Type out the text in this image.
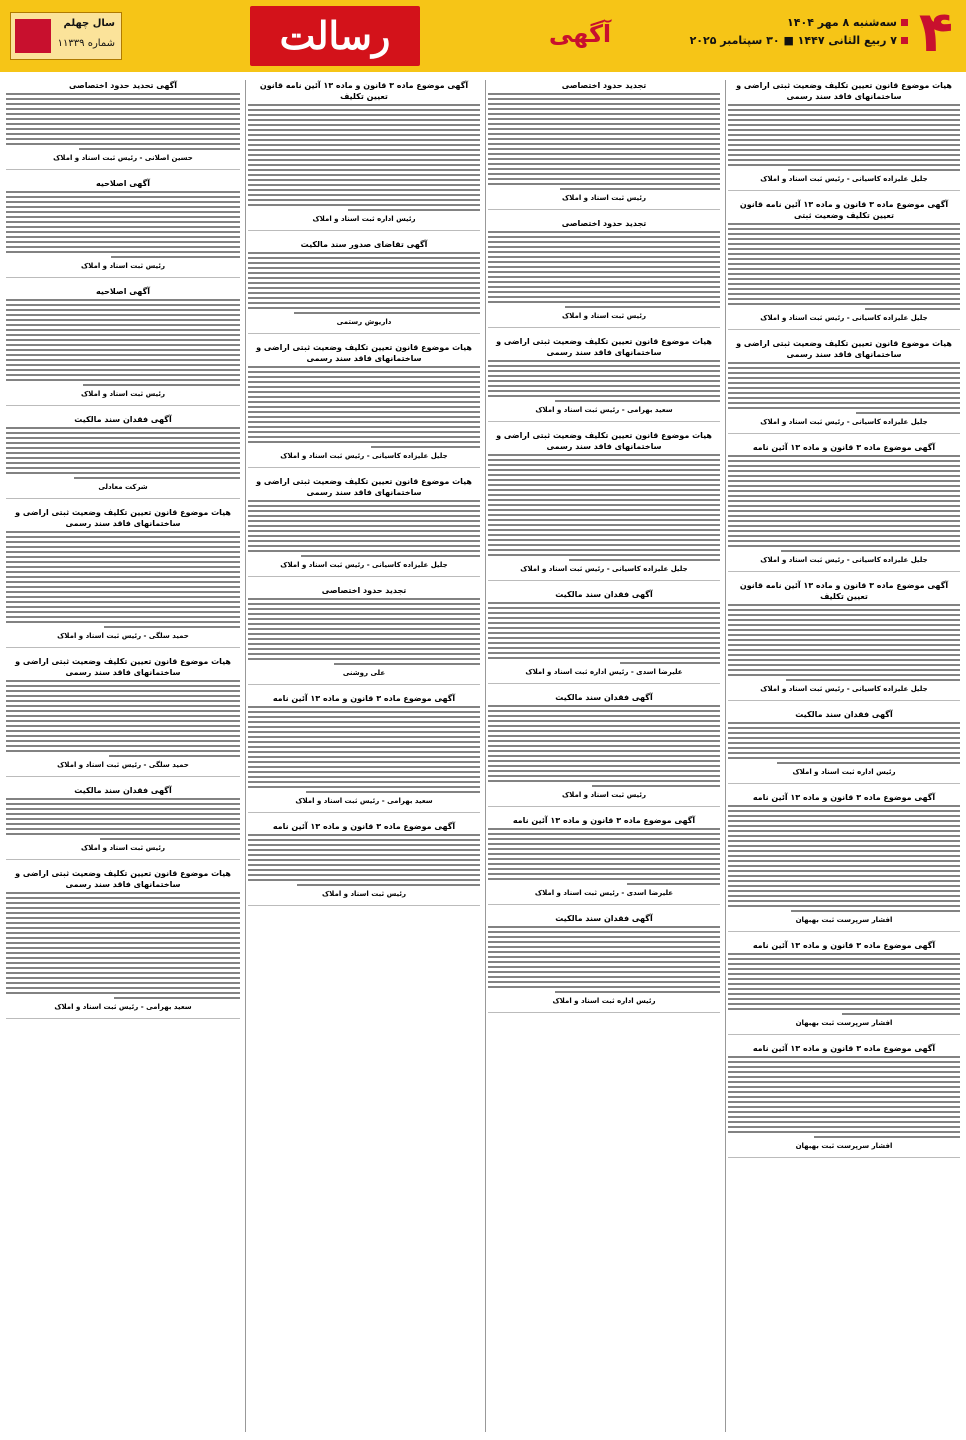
۴
سه‌شنبه ۸ مهر ۱۴۰۴
۷ ربیع الثانی ۱۴۴۷ ■ ۳۰ سپتامبر ۲۰۲۵
آگهی
رسالت
سال چهلم
شماره ۱۱۳۳۹
هیات موضوع قانون تعیین تکلیف وضعیت ثبتی اراضی و ساختمانهای فاقد سند رسمی
جلیل علیزاده کاسیانی - رئیس ثبت اسناد و املاک
آگهی موضوع ماده ۳ قانون و ماده ۱۳ آئین نامه قانون تعیین تکلیف وضعیت ثبتی
جلیل علیزاده کاسیانی - رئیس ثبت اسناد و املاک
هیات موضوع قانون تعیین تکلیف وضعیت ثبتی اراضی و ساختمانهای فاقد سند رسمی
جلیل علیزاده کاسیانی - رئیس ثبت اسناد و املاک
آگهی موضوع ماده ۳ قانون و ماده ۱۳ آئین نامه
جلیل علیزاده کاسیانی - رئیس ثبت اسناد و املاک
آگهی موضوع ماده ۳ قانون و ماده ۱۳ آئین نامه قانون تعیین تکلیف
جلیل علیزاده کاسیانی - رئیس ثبت اسناد و املاک
آگهی فقدان سند مالکیت
رئیس اداره ثبت اسناد و املاک
آگهی موضوع ماده ۳ قانون و ماده ۱۳ آئین نامه
افشار سرپرست ثبت بهبهان
آگهی موضوع ماده ۳ قانون و ماده ۱۳ آئین نامه
افشار سرپرست ثبت بهبهان
آگهی موضوع ماده ۳ قانون و ماده ۱۳ آئین نامه
افشار سرپرست ثبت بهبهان
تجدید حدود اختصاصی
رئیس ثبت اسناد و املاک
تجدید حدود اختصاصی
رئیس ثبت اسناد و املاک
هیات موضوع قانون تعیین تکلیف وضعیت ثبتی اراضی و ساختمانهای فاقد سند رسمی
سعید بهرامی - رئیس ثبت اسناد و املاک
هیات موضوع قانون تعیین تکلیف وضعیت ثبتی اراضی و ساختمانهای فاقد سند رسمی
جلیل علیزاده کاسیانی - رئیس ثبت اسناد و املاک
آگهی فقدان سند مالکیت
علیرضا اسدی - رئیس اداره ثبت اسناد و املاک
آگهی فقدان سند مالکیت
رئیس ثبت اسناد و املاک
آگهی موضوع ماده ۳ قانون و ماده ۱۳ آئین نامه
علیرضا اسدی - رئیس ثبت اسناد و املاک
آگهی فقدان سند مالکیت
رئیس اداره ثبت اسناد و املاک
آگهی موضوع ماده ۳ قانون و ماده ۱۳ آئین نامه قانون تعیین تکلیف
رئیس اداره ثبت اسناد و املاک
آگهی تقاضای صدور سند مالکیت
داریوش رستمی
هیات موضوع قانون تعیین تکلیف وضعیت ثبتی اراضی و ساختمانهای فاقد سند رسمی
جلیل علیزاده کاسیانی - رئیس ثبت اسناد و املاک
هیات موضوع قانون تعیین تکلیف وضعیت ثبتی اراضی و ساختمانهای فاقد سند رسمی
جلیل علیزاده کاسیانی - رئیس ثبت اسناد و املاک
تجدید حدود اختصاصی
علی روشنی
آگهی موضوع ماده ۳ قانون و ماده ۱۳ آئین نامه
سعید بهرامی - رئیس ثبت اسناد و املاک
آگهی موضوع ماده ۳ قانون و ماده ۱۳ آئین نامه
رئیس ثبت اسناد و املاک
آگهی تحدید حدود اختصاصی
حسین اصلانی - رئیس ثبت اسناد و املاک
آگهی اصلاحیه
رئیس ثبت اسناد و املاک
آگهی اصلاحیه
رئیس ثبت اسناد و املاک
آگهی فقدان سند مالکیت
شرکت معادلی
هیات موضوع قانون تعیین تکلیف وضعیت ثبتی اراضی و ساختمانهای فاقد سند رسمی
حمید سلگی - رئیس ثبت اسناد و املاک
هیات موضوع قانون تعیین تکلیف وضعیت ثبتی اراضی و ساختمانهای فاقد سند رسمی
حمید سلگی - رئیس ثبت اسناد و املاک
آگهی فقدان سند مالکیت
رئیس ثبت اسناد و املاک
هیات موضوع قانون تعیین تکلیف وضعیت ثبتی اراضی و ساختمانهای فاقد سند رسمی
سعید بهرامی - رئیس ثبت اسناد و املاک
